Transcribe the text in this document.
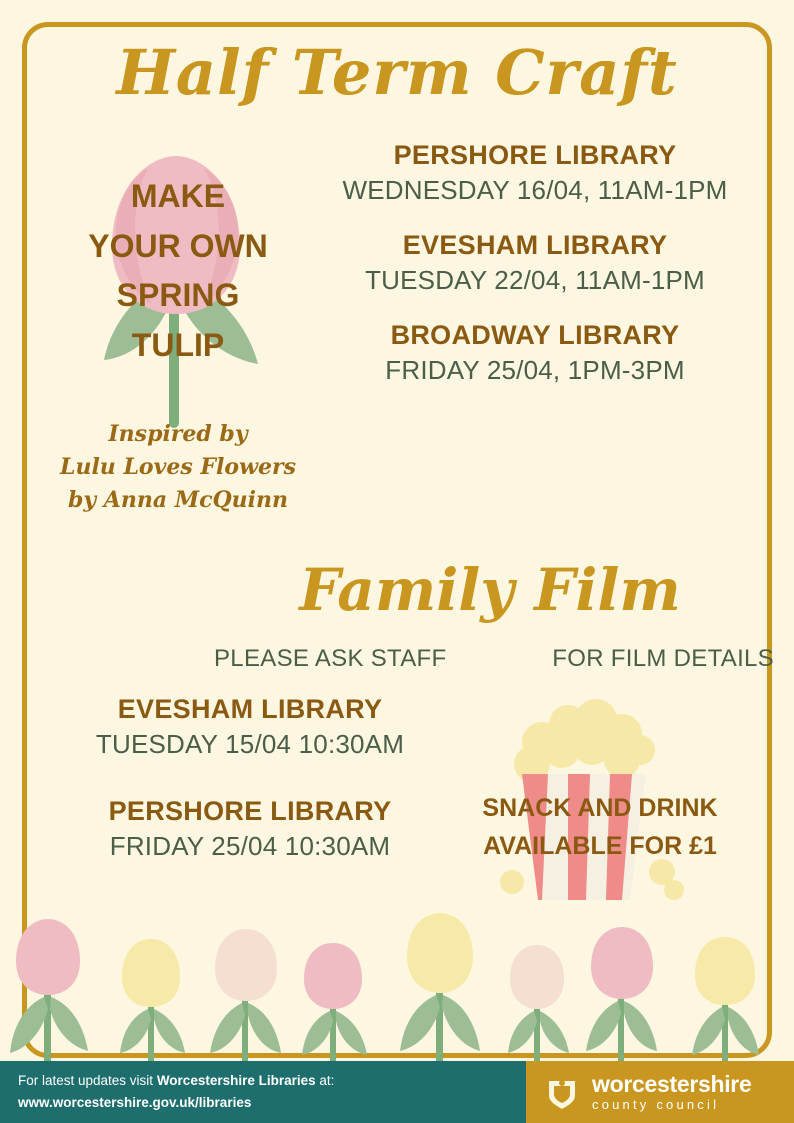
Half Term Craft
MAKE
YOUR OWN
SPRING
TULIP
Inspired by
Lulu Loves Flowers
by Anna McQuinn
PERSHORE LIBRARY
WEDNESDAY 16/04, 11AM-1PM
EVESHAM LIBRARY
TUESDAY 22/04, 11AM-1PM
BROADWAY LIBRARY
FRIDAY 25/04, 1PM-3PM
Family Film
PLEASE ASK STAFF	FOR FILM DETAILS
EVESHAM LIBRARY
TUESDAY 15/04 10:30AM
PERSHORE LIBRARY
FRIDAY 25/04 10:30AM
SNACK AND DRINK
AVAILABLE FOR £1
For latest updates visit Worcestershire Libraries at:
www.worcestershire.gov.uk/libraries
worcestershire
county council
